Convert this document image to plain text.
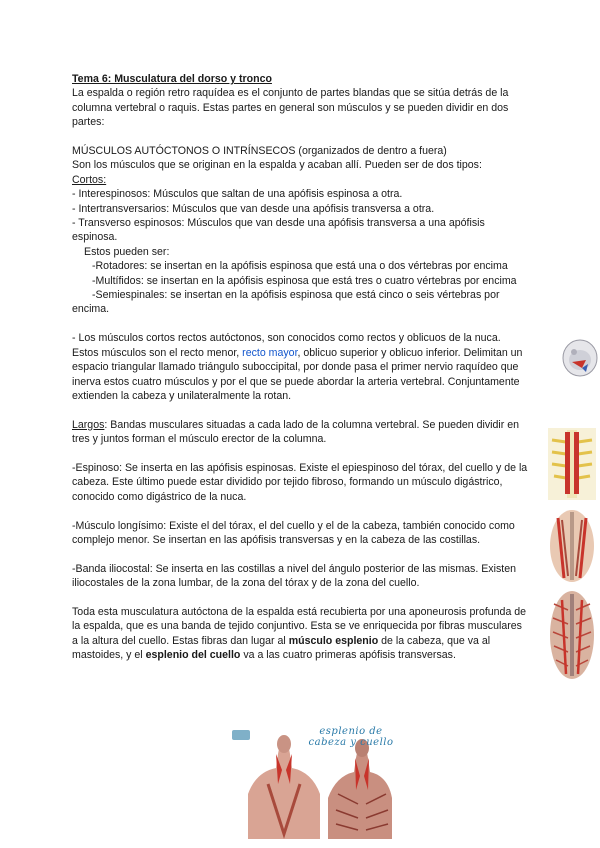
Tema 6: Musculatura del dorso y tronco

La espalda o región retro raquídea es el conjunto de partes blandas que se sitúa detrás de la columna vertebral o raquis. Estas partes en general son músculos y se pueden dividir en dos partes:

MÚSCULOS AUTÓCTONOS O INTRÍNSECOS (organizados de dentro a fuera)

Son los músculos que se originan en la espalda y acaban allí. Pueden ser de dos tipos:

Cortos:

- Interespinosos: Músculos que saltan de una apófisis espinosa a otra.

- Intertransversarios: Músculos que van desde una apófisis transversa a otra.

- Transverso espinosos: Músculos que van desde una apófisis transversa a una apófisis espinosa.

Estos pueden ser:

-Rotadores: se insertan en la apófisis espinosa que está una o dos vértebras por encima

-Multífidos: se insertan en la apófisis espinosa que está tres o cuatro vértebras por encima

-Semiespinales: se insertan en la apófisis espinosa que está cinco o seis vértebras por encima.

- Los músculos cortos rectos autóctonos, son conocidos como rectos y oblicuos de la nuca. Estos músculos son el recto menor, recto mayor, oblicuo superior y oblicuo inferior. Delimitan un espacio triangular llamado triángulo suboccipital, por donde pasa el primer nervio raquídeo que inerva estos cuatro músculos y por el que se puede abordar la arteria vertebral. Conjuntamente extienden la cabeza y unilateralmente la rotan.

Largos: Bandas musculares situadas a cada lado de la columna vertebral. Se pueden dividir en tres y juntos forman el músculo erector de la columna.

-Espinoso: Se inserta en las apófisis espinosas. Existe el epiespinoso del tórax, del cuello y de la cabeza. Este último puede estar dividido por tejido fibroso, formando un músculo digástrico, conocido como digástrico de la nuca.

-Músculo longísimo: Existe el del tórax, el del cuello y el de la cabeza, también conocido como complejo menor. Se insertan en las apófisis transversas y en la cabeza de las costillas.

-Banda iliocostal: Se inserta en las costillas a nivel del ángulo posterior de las mismas. Existen iliocostales de la zona lumbar, de la zona del tórax y de la zona del cuello.

Toda esta musculatura autóctona de la espalda está recubierta por una aponeurosis profunda de la espalda, que es una banda de tejido conjuntivo. Esta se ve enriquecida por fibras musculares a la altura del cuello. Estas fibras dan lugar al músculo esplenio de la cabeza, que va al mastoides, y el esplenio del cuello va a las cuatro primeras apófisis transversas.

esplenio de
cabeza y cuello
